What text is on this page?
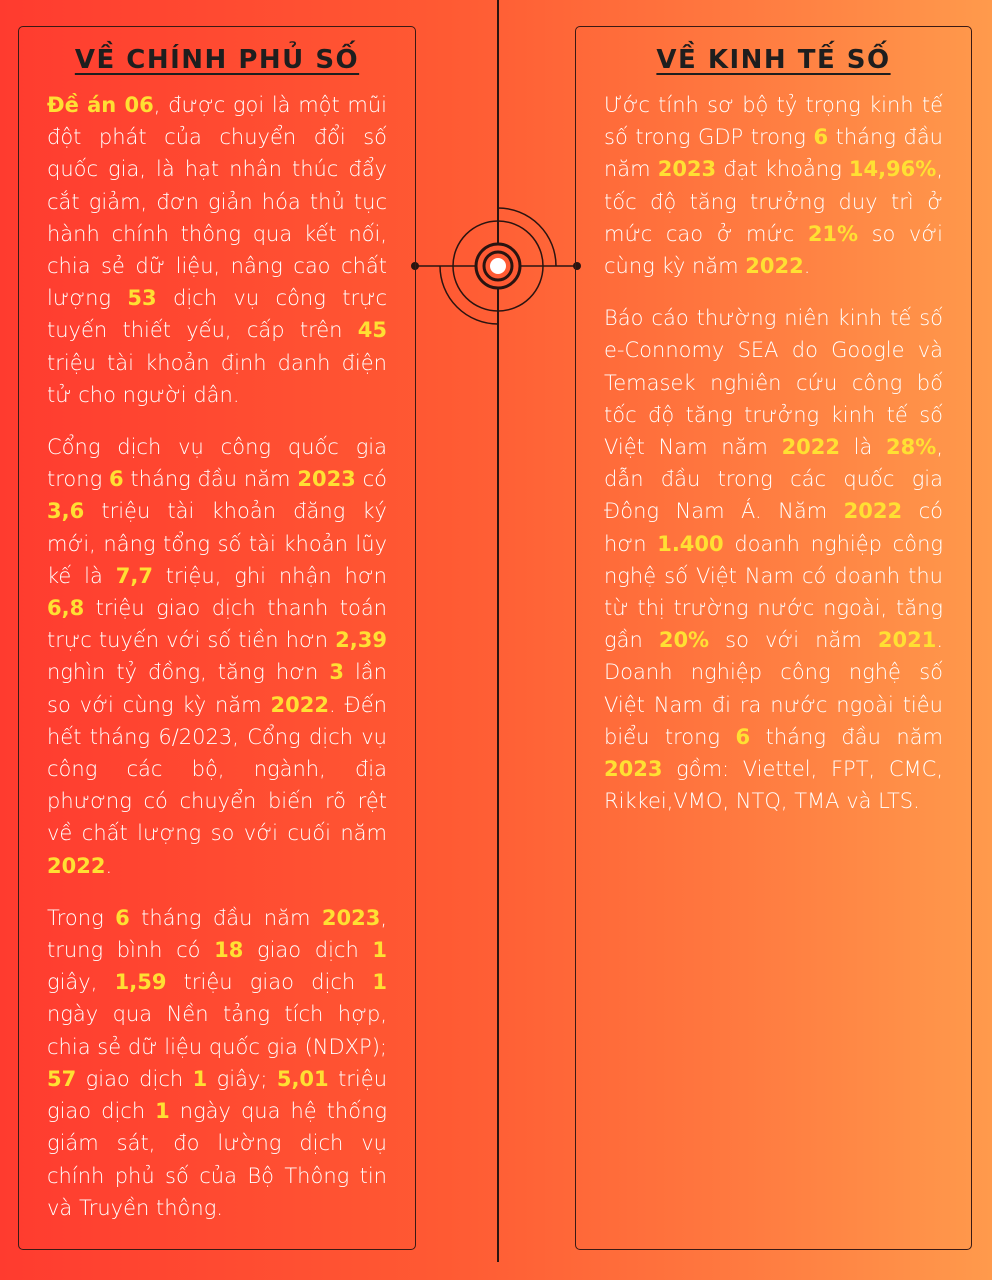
VỀ CHÍNH PHỦ SỐ

Đề án 06, được gọi là một mũi đột phát của chuyển đổi số quốc gia, là hạt nhân thúc đẩy cắt giảm, đơn giản hóa thủ tục hành chính thông qua kết nối, chia sẻ dữ liệu, nâng cao chất lượng 53 dịch vụ công trực tuyến thiết yếu, cấp trên 45 triệu tài khoản định danh điện tử cho người dân.

Cổng dịch vụ công quốc gia trong 6 tháng đầu năm 2023 có 3,6 triệu tài khoản đăng ký mới, nâng tổng số tài khoản lũy kế là 7,7 triệu, ghi nhận hơn 6,8 triệu giao dịch thanh toán trực tuyến với số tiền hơn 2,39 nghìn tỷ đồng, tăng hơn 3 lần so với cùng kỳ năm 2022. Đến hết tháng 6/2023, Cổng dịch vụ công các bộ, ngành, địa phương có chuyển biến rõ rệt về chất lượng so với cuối năm 2022.

Trong 6 tháng đầu năm 2023, trung bình có 18 giao dịch 1 giây, 1,59 triệu giao dịch 1 ngày qua Nền tảng tích hợp, chia sẻ dữ liệu quốc gia (NDXP); 57 giao dịch 1 giây; 5,01 triệu giao dịch 1 ngày qua hệ thống giám sát, đo lường dịch vụ chính phủ số của Bộ Thông tin và Truyền thông.

VỀ KINH TẾ SỐ

Ước tính sơ bộ tỷ trọng kinh tế số trong GDP trong 6 tháng đầu năm 2023 đạt khoảng 14,96%, tốc độ tăng trưởng duy trì ở mức cao ở mức 21% so với cùng kỳ năm 2022.

Báo cáo thường niên kinh tế số e-Connomy SEA do Google và Temasek nghiên cứu công bố tốc độ tăng trưởng kinh tế số Việt Nam năm 2022 là 28%, dẫn đầu trong các quốc gia Đông Nam Á. Năm 2022 có hơn 1.400 doanh nghiệp công nghệ số Việt Nam có doanh thu từ thị trường nước ngoài, tăng gần 20% so với năm 2021. Doanh nghiệp công nghệ số Việt Nam đi ra nước ngoài tiêu biểu trong 6 tháng đầu năm 2023 gồm: Viettel, FPT, CMC, Rikkei,VMO, NTQ, TMA và LTS.
